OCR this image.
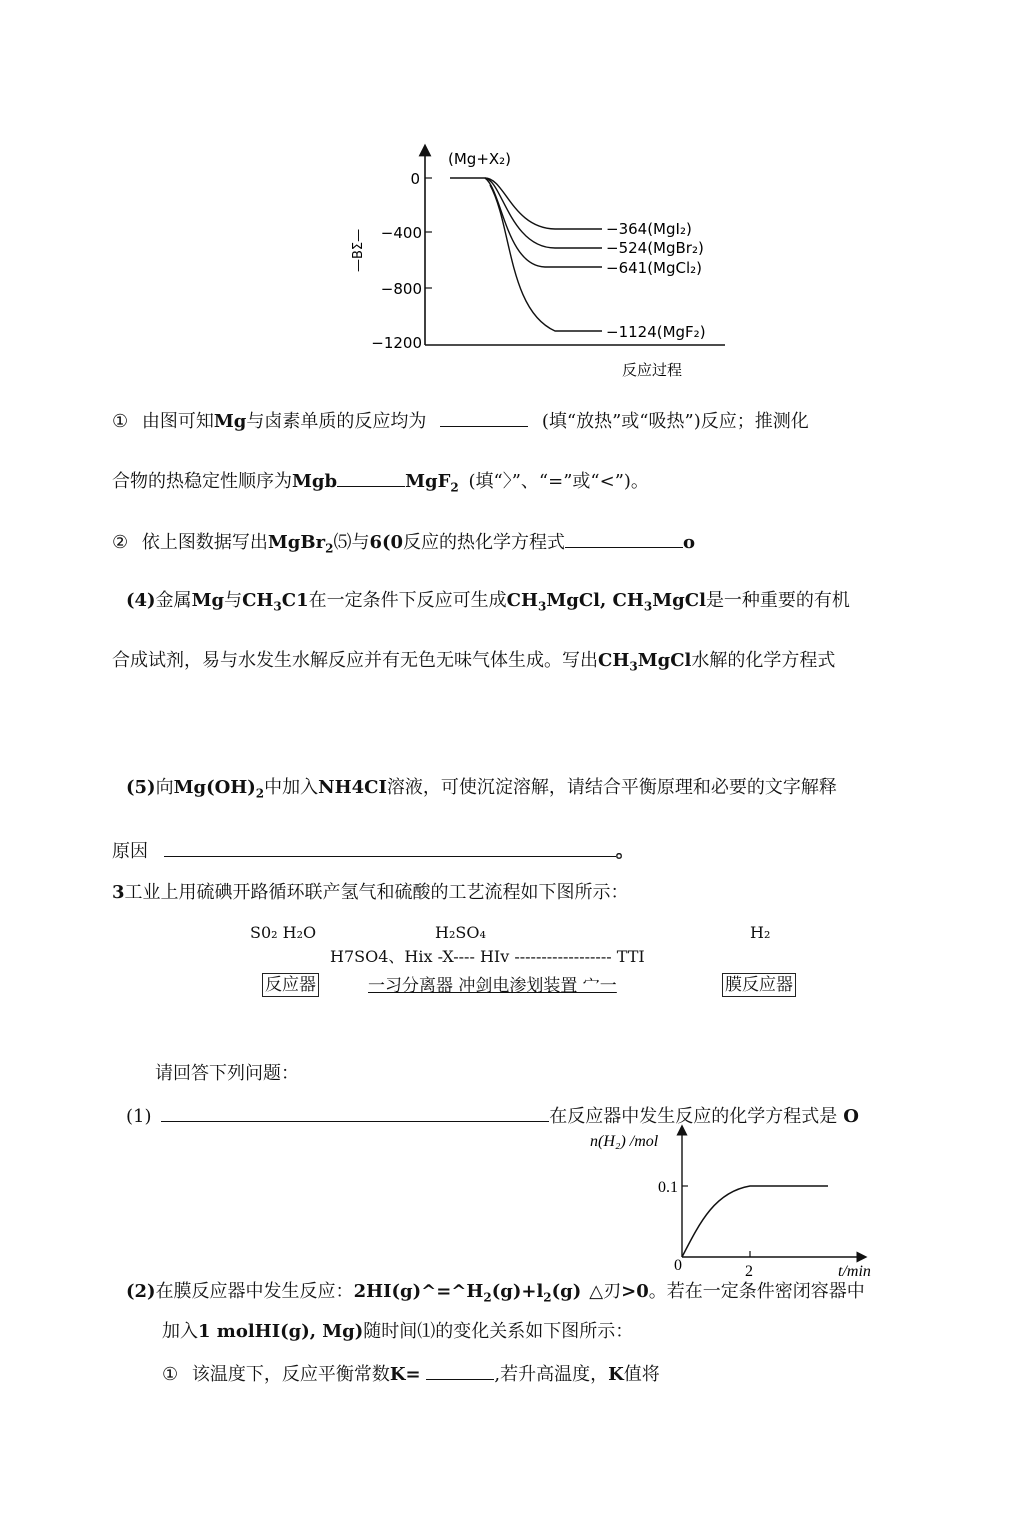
0
−400
−800
−1200
—ΒΣ—
(Mg+X₂)
反应过程
−364(MgI₂)
−524(MgBr₂)
−641(MgCl₂)
−1124(MgF₂)
① 由图可知Mg与卤素单质的反应均为	(填“放热”或“吸热”)反应；推测化
合物的热稳定性顺序为Mgb	MgF$_2$ (填“〉”、“=”或“<”)。
② 依上图数据写出MgBr$_2$⑸与6(0反应的热化学方程式	o
(4)金属Mg与$CH_3C1$在一定条件下反应可生成$CH_3MgCl$, $CH_3MgCl$是一种重要的有机
合成试剂，易与水发生水解反应并有无色无味气体生成。写出$CH_3MgCl$水解的化学方程式
(5)向$Mg(OH)_2$中加入NH4CI溶液，可使沉淀溶解，请结合平衡原理和必要的文字解释
原因	。
3工业上用硫碘开路循环联产氢气和硫酸的工艺流程如下图所示：
S0₂ H₂O	H₂SO₄	H₂
H7SO4、Hix -X---- HIv ------------------ TTI
反应器	一习分离器 冲剑电渗划装置 宀一	膜反应器
请回答下列问题：
(1)	在反应器中发生反应的化学方程式是 O
n(H₂) /mol
0.1
0	2	t/min
(2)在膜反应器中发生反应：$2HI(g)\^{}=\^{}H_2(g)+l_2(g)$ △刃>0。若在一定条件密闭容器中
加入1 molHI(g), Mg)随时间⑴的变化关系如下图所示：
① 该温度下，反应平衡常数K=	,若升高温度，K值将
